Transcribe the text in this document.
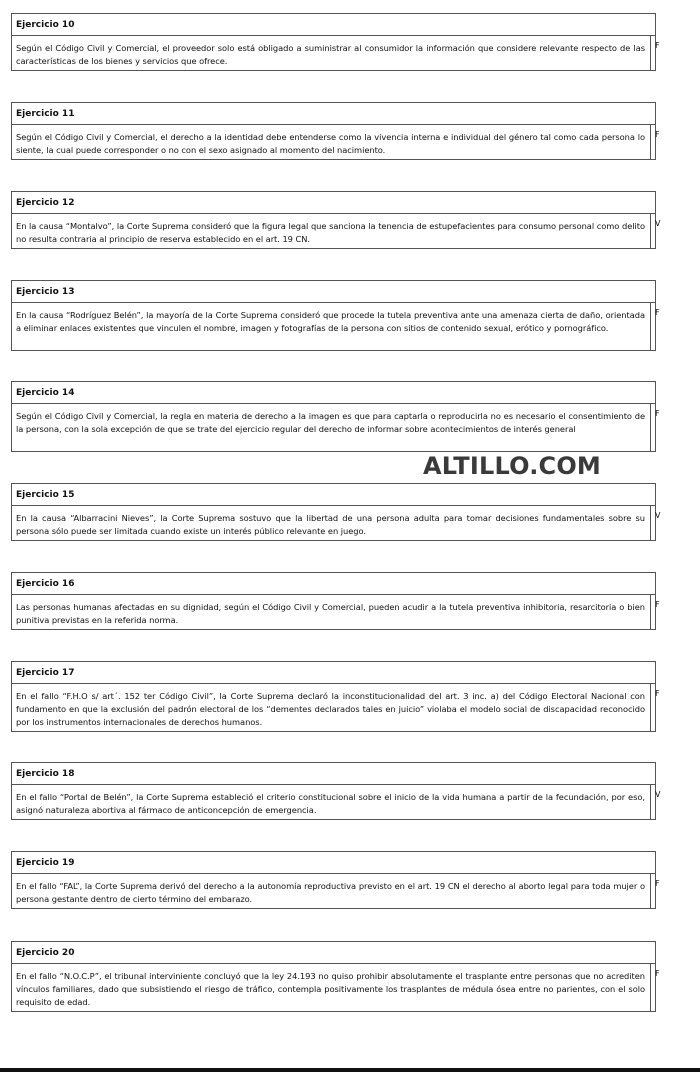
Ejercicio 10
Según el Código Civil y Comercial, el proveedor solo está obligado a suministrar al consumidor la información que considere relevante respecto de las características de los bienes y servicios que ofrece.
F
Ejercicio 11
Según el Código Civil y Comercial, el derecho a la identidad debe entenderse como la vivencia interna e individual del género tal como cada persona lo siente, la cual puede corresponder o no con el sexo asignado al momento del nacimiento.
F
Ejercicio 12
En la causa “Montalvo”, la Corte Suprema consideró que la figura legal que sanciona la tenencia de estupefacientes para consumo personal como delito no resulta contraria al principio de reserva establecido en el art. 19 CN.
V
Ejercicio 13
En la causa “Rodríguez Belén”, la mayoría de la Corte Suprema consideró que procede la tutela preventiva ante una amenaza cierta de daño, orientada a eliminar enlaces existentes que vinculen el nombre, imagen y fotografías de la persona con sitios de contenido sexual, erótico y pornográfico.
F
Ejercicio 14
Según el Código Civil y Comercial, la regla en materia de derecho a la imagen es que para captarla o reproducirla no es necesario el consentimiento de la persona, con la sola excepción de que se trate del ejercicio regular del derecho de informar sobre acontecimientos de interés general
F
Ejercicio 15
En la causa “Albarracini Nieves”, la Corte Suprema sostuvo que la libertad de una persona adulta para tomar decisiones fundamentales sobre su persona sólo puede ser limitada cuando existe un interés público relevante en juego.
V
Ejercicio 16
Las personas humanas afectadas en su dignidad, según el Código Civil y Comercial, pueden acudir a la tutela preventiva inhibitoria, resarcitoria o bien punitiva previstas en la referida norma.
F
Ejercicio 17
En el fallo “F.H.O s/ art´. 152 ter Código Civil”, la Corte Suprema declaró la inconstitucionalidad del art. 3 inc. a) del Código Electoral Nacional con fundamento en que la exclusión del padrón electoral de los “dementes declarados tales en juicio” violaba el modelo social de discapacidad reconocido por los instrumentos internacionales de derechos humanos.
F
Ejercicio 18
En el fallo “Portal de Belén”, la Corte Suprema estableció el criterio constitucional sobre el inicio de la vida humana a partir de la fecundación, por eso, asignó naturaleza abortiva al fármaco de anticoncepción de emergencia.
V
Ejercicio 19
En el fallo “FAL”, la Corte Suprema derivó del derecho a la autonomía reproductiva previsto en el art. 19 CN el derecho al aborto legal para toda mujer o persona gestante dentro de cierto término del embarazo.
F
Ejercicio 20
En el fallo “N.O.C.P”, el tribunal interviniente concluyó que la ley 24.193 no quiso prohibir absolutamente el trasplante entre personas que no acrediten vínculos familiares, dado que subsistiendo el riesgo de tráfico, contempla positivamente los trasplantes de médula ósea entre no parientes, con el solo requisito de edad.
F

ALTILLO.COM
